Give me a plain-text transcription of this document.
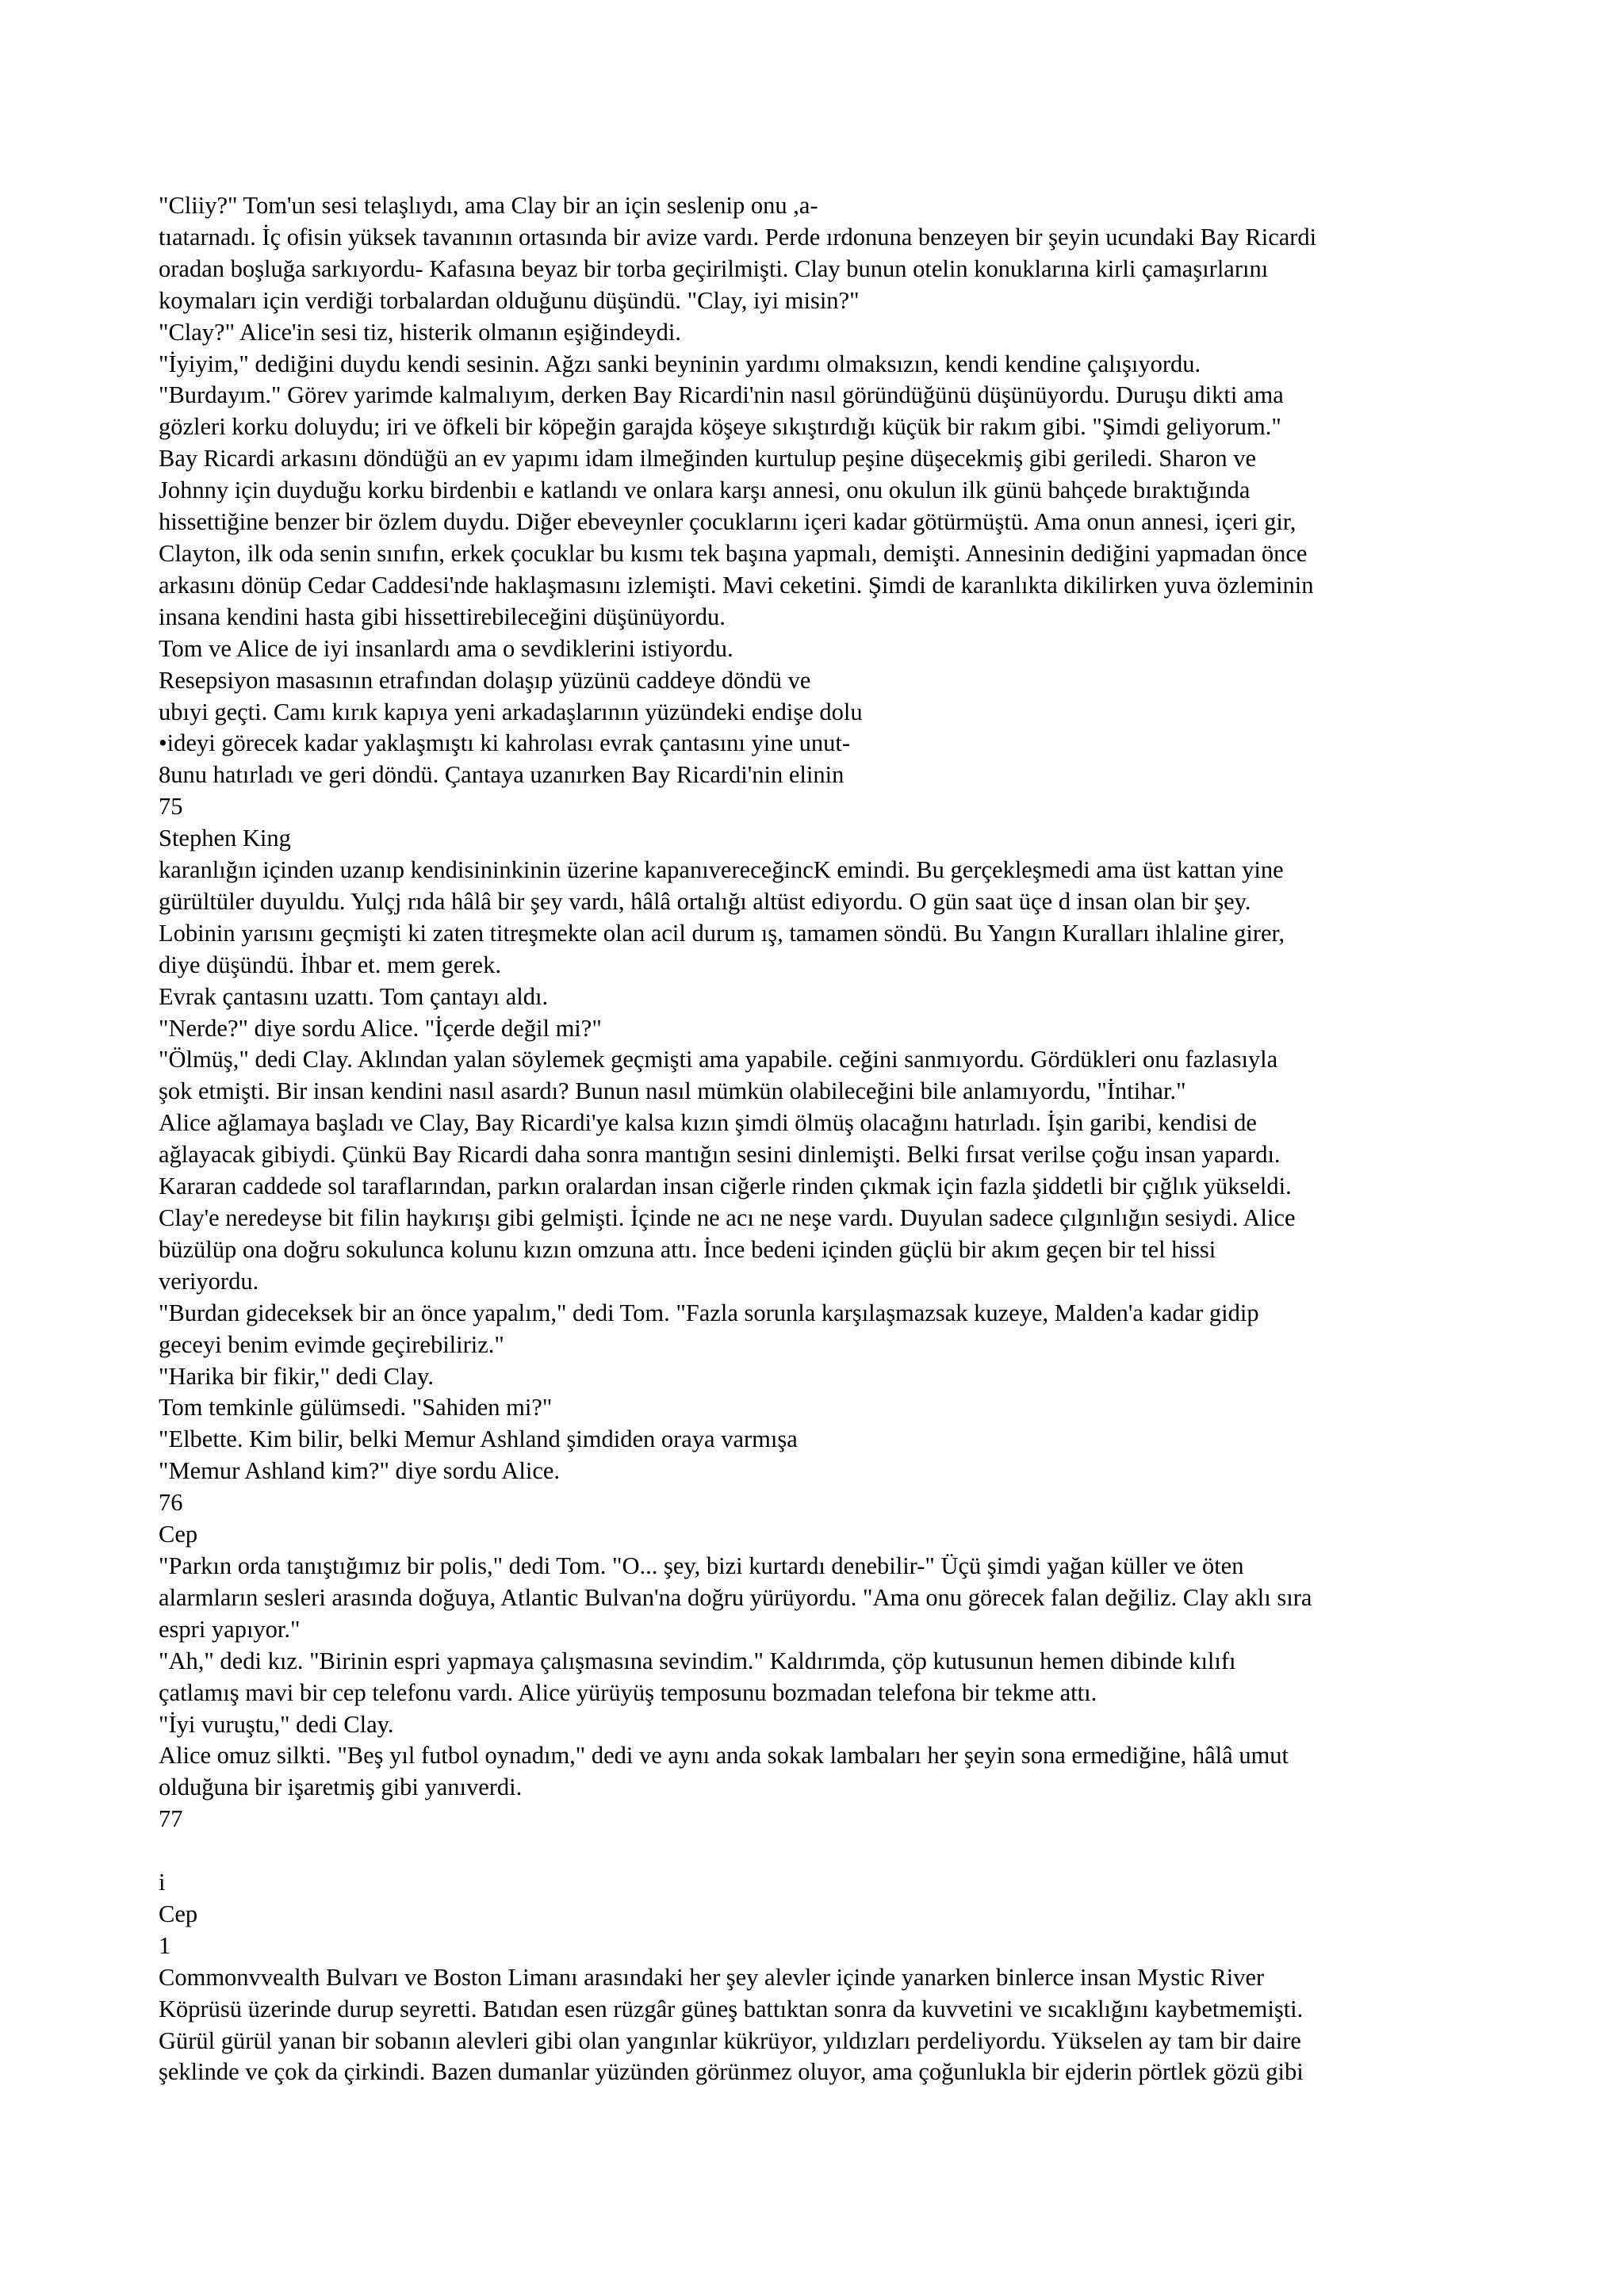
"Cliiy?" Tom'un sesi telaşlıydı, ama Clay bir an için seslenip onu ,a-

tıatarnadı. İç ofisin yüksek tavanının ortasında bir avize vardı. Perde ırdonuna benzeyen bir şeyin ucundaki Bay Ricardi

oradan boşluğa sarkıyordu- Kafasına beyaz bir torba geçirilmişti. Clay bunun otelin konuklarına kirli çamaşırlarını

koymaları için verdiği torbalardan olduğunu düşündü. "Clay, iyi misin?"

"Clay?" Alice'in sesi tiz, histerik olmanın eşiğindeydi.

"İyiyim," dediğini duydu kendi sesinin. Ağzı sanki beyninin yardımı olmaksızın, kendi kendine çalışıyordu.

"Burdayım." Görev yarimde kalmalıyım, derken Bay Ricardi'nin nasıl göründüğünü düşünüyordu. Duruşu dikti ama

gözleri korku doluydu; iri ve öfkeli bir köpeğin garajda köşeye sıkıştırdığı küçük bir rakım gibi. "Şimdi geliyorum."

Bay Ricardi arkasını döndüğü an ev yapımı idam ilmeğinden kurtulup peşine düşecekmiş gibi geriledi. Sharon ve

Johnny için duyduğu korku birdenbiı e katlandı ve onlara karşı annesi, onu okulun ilk günü bahçede bıraktığında

hissettiğine benzer bir özlem duydu. Diğer ebeveynler çocuklarını içeri kadar götürmüştü. Ama onun annesi, içeri gir,

Clayton, ilk oda senin sınıfın, erkek çocuklar bu kısmı tek başına yapmalı, demişti. Annesinin dediğini yapmadan önce

arkasını dönüp Cedar Caddesi'nde haklaşmasını izlemişti. Mavi ceketini. Şimdi de karanlıkta dikilirken yuva özleminin

insana kendini hasta gibi hissettirebileceğini düşünüyordu.

Tom ve Alice de iyi insanlardı ama o sevdiklerini istiyordu.

Resepsiyon masasının etrafından dolaşıp yüzünü caddeye döndü ve

ubıyi geçti. Camı kırık kapıya yeni arkadaşlarının yüzündeki endişe dolu

•ideyi görecek kadar yaklaşmıştı ki kahrolası evrak çantasını yine unut-

8unu hatırladı ve geri döndü. Çantaya uzanırken Bay Ricardi'nin elinin

75

Stephen King

karanlığın içinden uzanıp kendisininkinin üzerine kapanıvereceğincK emindi. Bu gerçekleşmedi ama üst kattan yine

gürültüler duyuldu. Yulçj rıda hâlâ bir şey vardı, hâlâ ortalığı altüst ediyordu. O gün saat üçe d insan olan bir şey.

Lobinin yarısını geçmişti ki zaten titreşmekte olan acil durum ış, tamamen söndü. Bu Yangın Kuralları ihlaline girer,

diye düşündü. İhbar et. mem gerek.

Evrak çantasını uzattı. Tom çantayı aldı.

"Nerde?" diye sordu Alice. "İçerde değil mi?"

"Ölmüş," dedi Clay. Aklından yalan söylemek geçmişti ama yapabile. ceğini sanmıyordu. Gördükleri onu fazlasıyla

şok etmişti. Bir insan kendini nasıl asardı? Bunun nasıl mümkün olabileceğini bile anlamıyordu, "İntihar."

Alice ağlamaya başladı ve Clay, Bay Ricardi'ye kalsa kızın şimdi ölmüş olacağını hatırladı. İşin garibi, kendisi de

ağlayacak gibiydi. Çünkü Bay Ricardi daha sonra mantığın sesini dinlemişti. Belki fırsat verilse çoğu insan yapardı.

Kararan caddede sol taraflarından, parkın oralardan insan ciğerle rinden çıkmak için fazla şiddetli bir çığlık yükseldi.

Clay'e neredeyse bit filin haykırışı gibi gelmişti. İçinde ne acı ne neşe vardı. Duyulan sadece çılgınlığın sesiydi. Alice

büzülüp ona doğru sokulunca kolunu kızın omzuna attı. İnce bedeni içinden güçlü bir akım geçen bir tel hissi

veriyordu.

"Burdan gideceksek bir an önce yapalım," dedi Tom. "Fazla sorunla karşılaşmazsak kuzeye, Malden'a kadar gidip

geceyi benim evimde geçirebiliriz."

"Harika bir fikir," dedi Clay.

Tom temkinle gülümsedi. "Sahiden mi?"

"Elbette. Kim bilir, belki Memur Ashland şimdiden oraya varmışa

"Memur Ashland kim?" diye sordu Alice.

76

Cep

"Parkın orda tanıştığımız bir polis," dedi Tom. "O... şey, bizi kurtardı denebilir-" Üçü şimdi yağan küller ve öten

alarmların sesleri arasında doğuya, Atlantic Bulvan'na doğru yürüyordu. "Ama onu görecek falan değiliz. Clay aklı sıra

espri yapıyor."

"Ah," dedi kız. "Birinin espri yapmaya çalışmasına sevindim." Kaldırımda, çöp kutusunun hemen dibinde kılıfı

çatlamış mavi bir cep telefonu vardı. Alice yürüyüş temposunu bozmadan telefona bir tekme attı.

"İyi vuruştu," dedi Clay.

Alice omuz silkti. "Beş yıl futbol oynadım," dedi ve aynı anda sokak lambaları her şeyin sona ermediğine, hâlâ umut

olduğuna bir işaretmiş gibi yanıverdi.

77

i

Cep

1

Commonvvealth Bulvarı ve Boston Limanı arasındaki her şey alevler içinde yanarken binlerce insan Mystic River

Köprüsü üzerinde durup seyretti. Batıdan esen rüzgâr güneş battıktan sonra da kuvvetini ve sıcaklığını kaybetmemişti.

Gürül gürül yanan bir sobanın alevleri gibi olan yangınlar kükrüyor, yıldızları perdeliyordu. Yükselen ay tam bir daire

şeklinde ve çok da çirkindi. Bazen dumanlar yüzünden görünmez oluyor, ama çoğunlukla bir ejderin pörtlek gözü gibi
